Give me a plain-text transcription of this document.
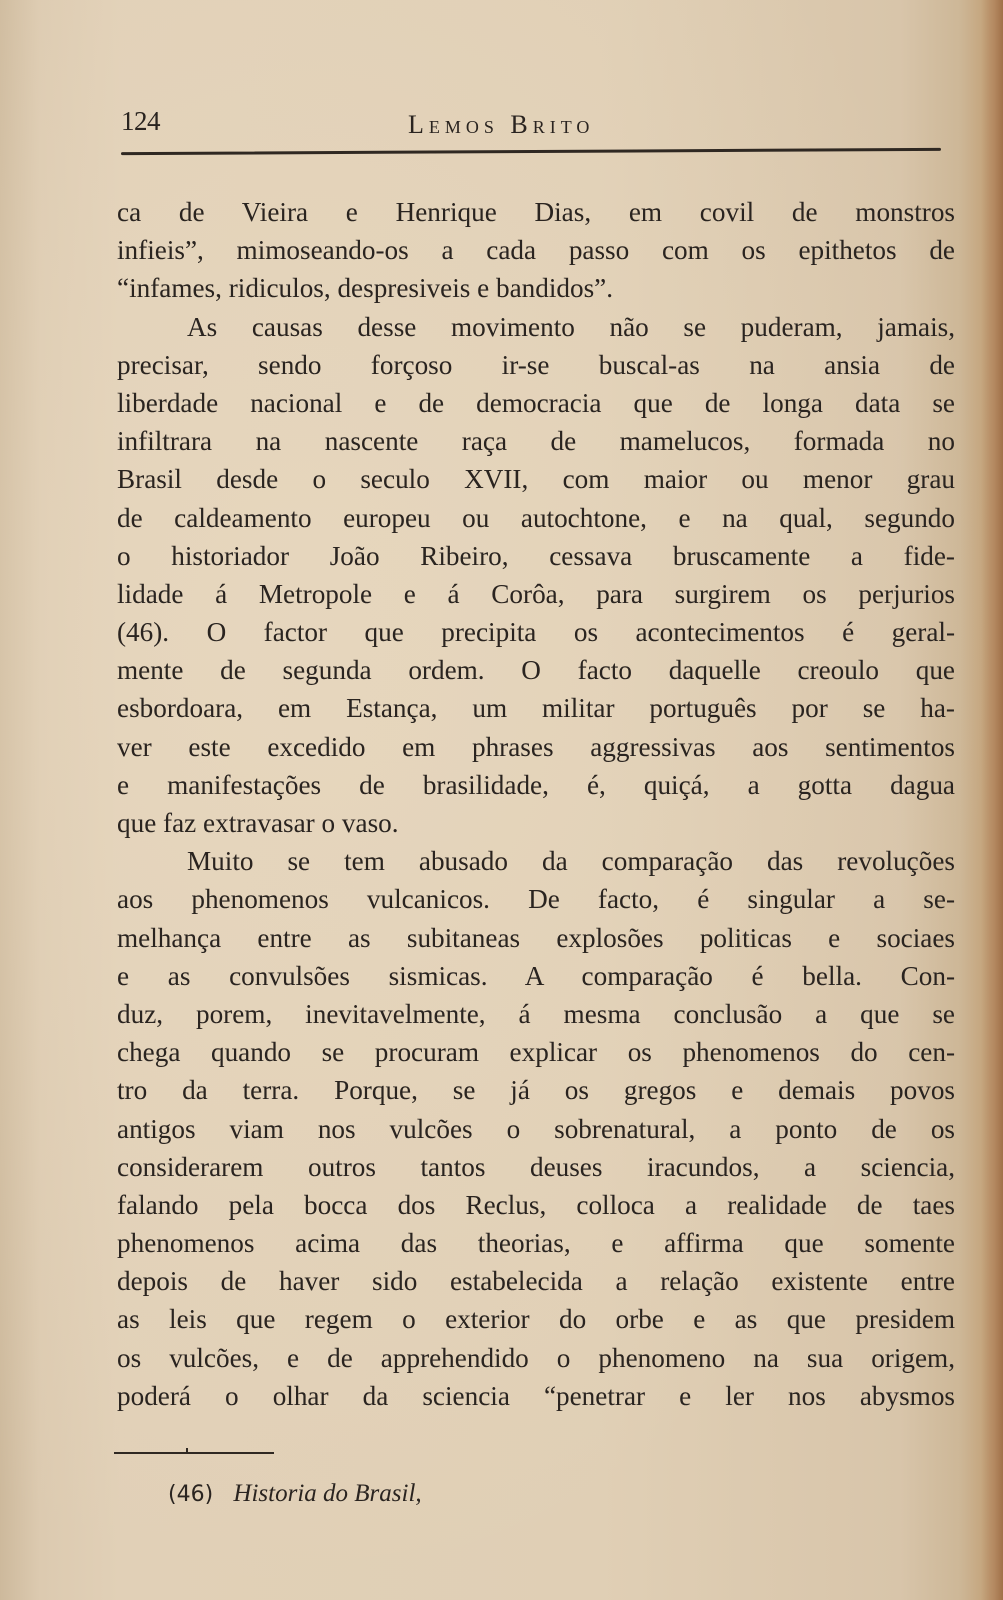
124	Lemos Brito
ca de Vieira e Henrique Dias, em covil de monstros
infieis”, mimoseando-os a cada passo com os epithetos de
“infames, ridiculos, despresiveis e bandidos”.
As causas desse movimento não se puderam, jamais,
precisar, sendo forçoso ir-se buscal-as na ansia de
liberdade nacional e de democracia que de longa data se
infiltrara na nascente raça de mamelucos, formada no
Brasil desde o seculo XVII, com maior ou menor grau
de caldeamento europeu ou autochtone, e na qual, segundo
o historiador João Ribeiro, cessava bruscamente a fide-
lidade á Metropole e á Corôa, para surgirem os perjurios
(46). O factor que precipita os acontecimentos é geral-
mente de segunda ordem. O facto daquelle creoulo que
esbordoara, em Estança, um militar português por se ha-
ver este excedido em phrases aggressivas aos sentimentos
e manifestações de brasilidade, é, quiçá, a gotta dagua
que faz extravasar o vaso.
Muito se tem abusado da comparação das revoluções
aos phenomenos vulcanicos. De facto, é singular a se-
melhança entre as subitaneas explosões politicas e sociaes
e as convulsões sismicas. A comparação é bella. Con-
duz, porem, inevitavelmente, á mesma conclusão a que se
chega quando se procuram explicar os phenomenos do cen-
tro da terra. Porque, se já os gregos e demais povos
antigos viam nos vulcões o sobrenatural, a ponto de os
considerarem outros tantos deuses iracundos, a sciencia,
falando pela bocca dos Reclus, colloca a realidade de taes
phenomenos acima das theorias, e affirma que somente
depois de haver sido estabelecida a relação existente entre
as leis que regem o exterior do orbe e as que presidem
os vulcões, e de apprehendido o phenomeno na sua origem,
poderá o olhar da sciencia “penetrar e ler nos abysmos
(46) Historia do Brasil,
